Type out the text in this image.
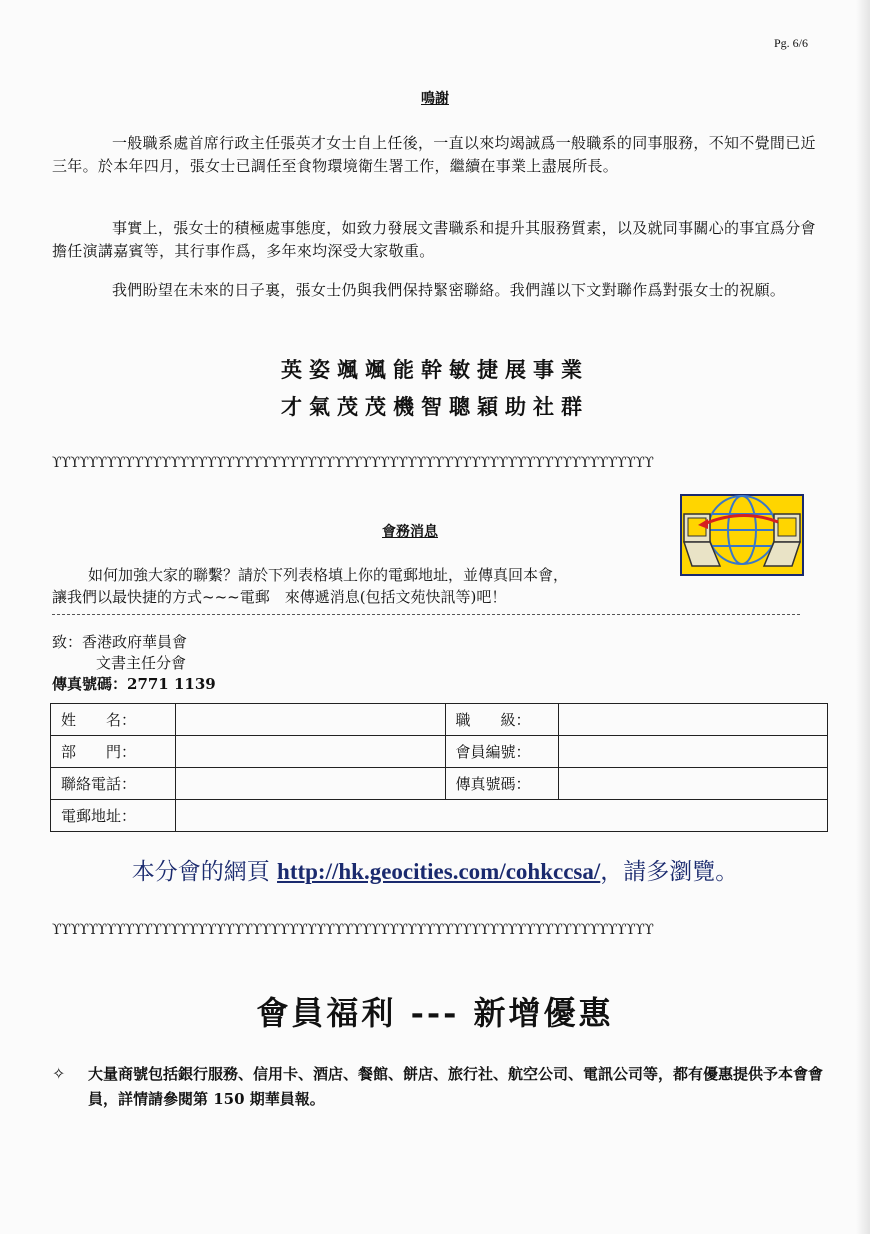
Pg. 6/6
鳴謝
一般職系處首席行政主任張英才女士自上任後，一直以來均竭誠爲一般職系的同事服務，不知不覺間已近三年。於本年四月，張女士已調任至食物環境衛生署工作，繼續在事業上盡展所長。
事實上，張女士的積極處事態度，如致力發展文書職系和提升其服務質素，以及就同事關心的事宜爲分會擔任演講嘉賓等，其行事作爲，多年來均深受大家敬重。
我們盼望在未來的日子裏，張女士仍與我們保持緊密聯絡。我們謹以下文對聯作爲對張女士的祝願。
英姿颯颯能幹敏捷展事業
才氣茂茂機智聰穎助社群
ϒϒϒϒϒϒϒϒϒϒϒϒϒϒϒϒϒϒϒϒϒϒϒϒϒϒϒϒϒϒϒϒϒϒϒϒϒϒϒϒϒϒϒϒϒϒϒϒϒϒϒϒϒϒϒϒϒϒϒϒϒϒϒϒϒϒ
會務消息
如何加強大家的聯繫？請於下列表格填上你的電郵地址，並傳真回本會，
讓我們以最快捷的方式~~~電郵　來傳遞消息(包括文苑快訊等)吧！
致：香港政府華員會
文書主任分會
傳真號碼：2771 1139
姓　　名：		職　　級：	
部　　門：		會員編號：	
聯絡電話：		傳真號碼：	
電郵地址：			
本分會的網頁 http://hk.geocities.com/cohkccsa/，請多瀏覽。
ϒϒϒϒϒϒϒϒϒϒϒϒϒϒϒϒϒϒϒϒϒϒϒϒϒϒϒϒϒϒϒϒϒϒϒϒϒϒϒϒϒϒϒϒϒϒϒϒϒϒϒϒϒϒϒϒϒϒϒϒϒϒϒϒϒϒ
會員福利 --- 新增優惠
✧ 大量商號包括銀行服務、信用卡、酒店、餐館、餅店、旅行社、航空公司、電訊公司等，都有優惠提供予本會會員，詳情請參閱第 150 期華員報。
